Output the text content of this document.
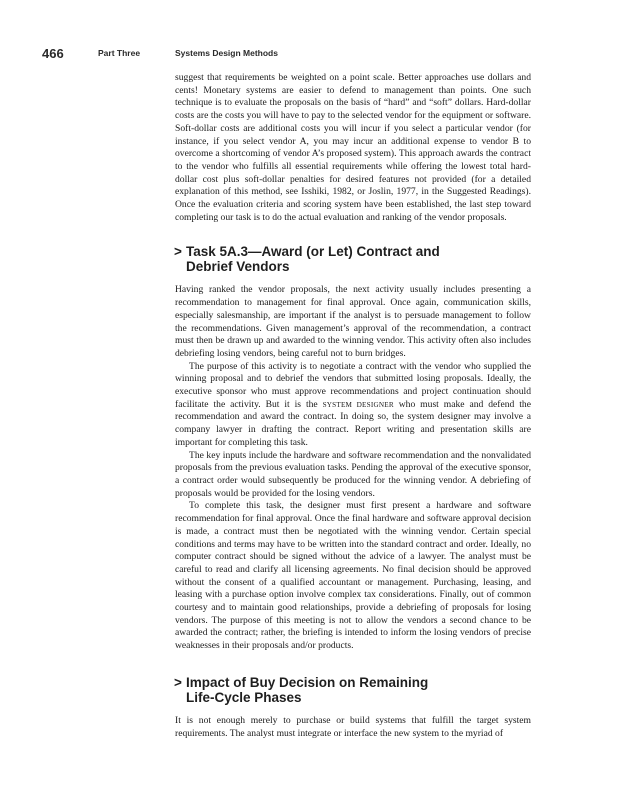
466	Part Three	Systems Design Methods

suggest that requirements be weighted on a point scale. Better approaches use dollars and cents! Monetary systems are easier to defend to management than points. One such technique is to evaluate the proposals on the basis of “hard” and “soft” dollars. Hard-dollar costs are the costs you will have to pay to the selected vendor for the equipment or software. Soft-dollar costs are additional costs you will incur if you select a particular vendor (for instance, if you select vendor A, you may incur an additional expense to vendor B to overcome a shortcoming of vendor A’s proposed system). This approach awards the contract to the vendor who fulfills all essential requirements while offering the lowest total hard-dollar cost plus soft-dollar penalties for desired features not provided (for a detailed explanation of this method, see Isshiki, 1982, or Joslin, 1977, in the Suggested Readings). Once the evaluation criteria and scoring system have been established, the last step toward completing our task is to do the actual evaluation and ranking of the vendor proposals.

> Task 5A.3—Award (or Let) Contract and
Debrief Vendors

Having ranked the vendor proposals, the next activity usually includes presenting a recommendation to management for final approval. Once again, communication skills, especially salesmanship, are important if the analyst is to persuade management to follow the recommendations. Given management’s approval of the recommendation, a contract must then be drawn up and awarded to the winning vendor. This activity often also includes debriefing losing vendors, being careful not to burn bridges.

The purpose of this activity is to negotiate a contract with the vendor who supplied the winning proposal and to debrief the vendors that submitted losing proposals. Ideally, the executive sponsor who must approve recommendations and project continuation should facilitate the activity. But it is the SYSTEM DESIGNER who must make and defend the recommendation and award the contract. In doing so, the system designer may involve a company lawyer in drafting the contract. Report writing and presentation skills are important for completing this task.

The key inputs include the hardware and software recommendation and the nonvalidated proposals from the previous evaluation tasks. Pending the approval of the executive sponsor, a contract order would subsequently be produced for the winning vendor. A debriefing of proposals would be provided for the losing vendors.

To complete this task, the designer must first present a hardware and software recommendation for final approval. Once the final hardware and software approval decision is made, a contract must then be negotiated with the winning vendor. Certain special conditions and terms may have to be written into the standard contract and order. Ideally, no computer contract should be signed without the advice of a lawyer. The analyst must be careful to read and clarify all licensing agreements. No final decision should be approved without the consent of a qualified accountant or management. Purchasing, leasing, and leasing with a purchase option involve complex tax considerations. Finally, out of common courtesy and to maintain good relationships, provide a debriefing of proposals for losing vendors. The purpose of this meeting is not to allow the vendors a second chance to be awarded the contract; rather, the briefing is intended to inform the losing vendors of precise weaknesses in their proposals and/or products.

> Impact of Buy Decision on Remaining
Life-Cycle Phases

It is not enough merely to purchase or build systems that fulfill the target system requirements. The analyst must integrate or interface the new system to the myriad of
